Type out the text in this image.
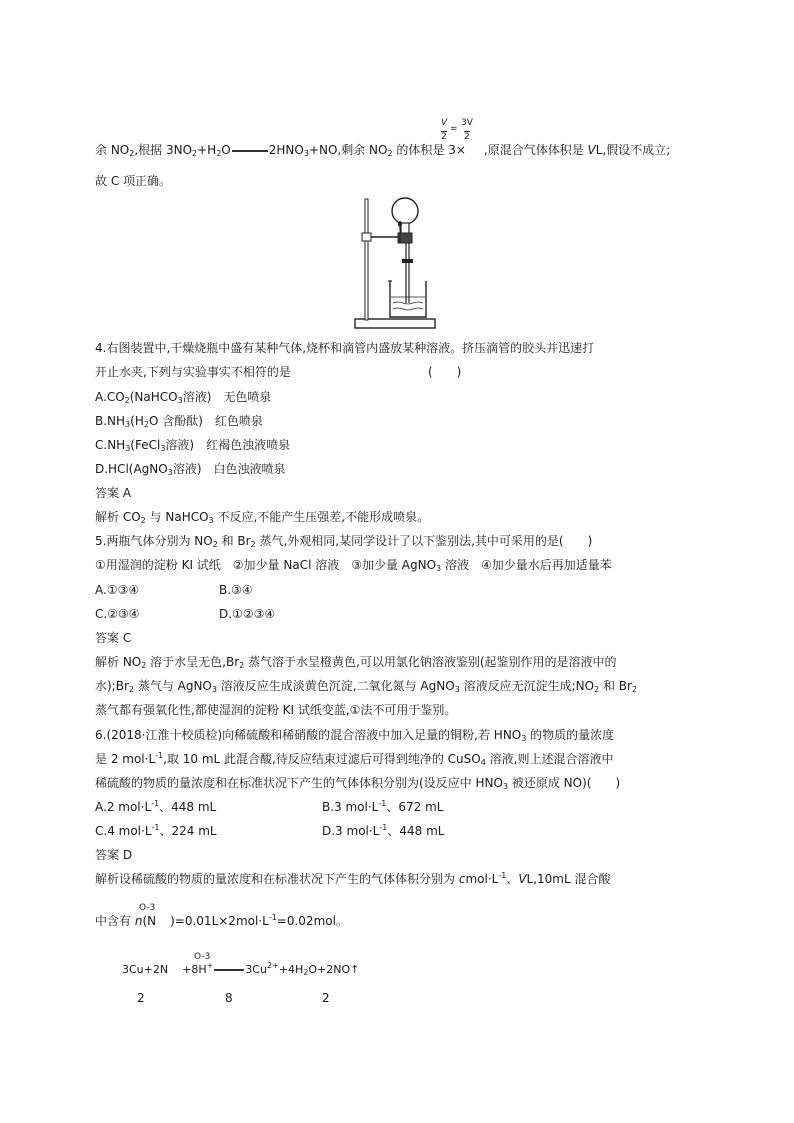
V
2
=
3V
2
余 $NO_2$,根据 $3NO_2+H_2O$	$2HNO_3+NO$,剩余 $NO_2$ 的体积是 3× ,原混合气体体积是 VL,假设不成立;
故 C 项正确。
4.右图装置中,干燥烧瓶中盛有某种气体,烧杯和滴管内盛放某种溶液。挤压滴管的胶头并迅速打
开止水夹,下列与实验事实不相符的是	(　　)
$A.CO_2(NaHCO_3$溶液)　无色喷泉
$B.NH_3(H_2O$ 含酚酞)　红色喷泉
$C.NH_3(FeCl_3$溶液)　红褐色浊液喷泉
D.HCl(AgNO$_3$溶液)　白色浊液喷泉
答案 A
解析 $CO_2$ 与 NaHCO$_3$ 不反应,不能产生压强差,不能形成喷泉。
5.两瓶气体分别为 $NO_2$ 和 $Br_2$ 蒸气,外观相同,某同学设计了以下鉴别法,其中可采用的是(　　)
①用湿润的淀粉 KI 试纸　②加少量 NaCl 溶液　③加少量 AgNO$_3$ 溶液　④加少量水后再加适量苯
A.①③④	B.③④
C.②③④	D.①②③④
答案 C
解析 $NO_2$ 溶于水呈无色$,Br_2$ 蒸气溶于水呈橙黄色,可以用氯化钠溶液鉴别(起鉴别作用的是溶液中的
水)$;Br_2$ 蒸气与 AgNO$_3$ 溶液反应生成淡黄色沉淀,二氧化氮与 AgNO$_3$ 溶液反应无沉淀生成$;NO_2$ 和 $Br_2$
蒸气都有强氧化性,都使湿润的淀粉 KI 试纸变蓝,①法不可用于鉴别。
6.(2018·江淮十校质检)向稀硫酸和稀硝酸的混合溶液中加入足量的铜粉,若 $HNO_3$ 的物质的量浓度
是 2 $mol\cdot L^{-1}$,取 10 mL 此混合酸,待反应结束过滤后可得到纯净的 CuSO$_4$ 溶液,则上述混合溶液中
稀硫酸的物质的量浓度和在标准状况下产生的气体体积分别为(设反应中 $HNO_3$ 被还原成 NO)(　　)
A.2 $mol\cdot L^{-1}$、448 mL	B.3 $mol\cdot L^{-1}$、672 mL
C.4 $mol\cdot L^{-1}$、224 mL	D.3 $mol\cdot L^{-1}$、448 mL
答案 D
解析设稀硫酸的物质的量浓度和在标准状况下产生的气体体积分别为 $cmol\cdot L^{-1}$、VL,10mL 混合酸
O-3
中含有 n(N )$=0.01L\times 2mol\cdot L^{-1}=0.02mol$。
O-3
3Cu+2N +8H+	$3Cu^{2+}+4H_2O+2NO↑$
2	8	2
